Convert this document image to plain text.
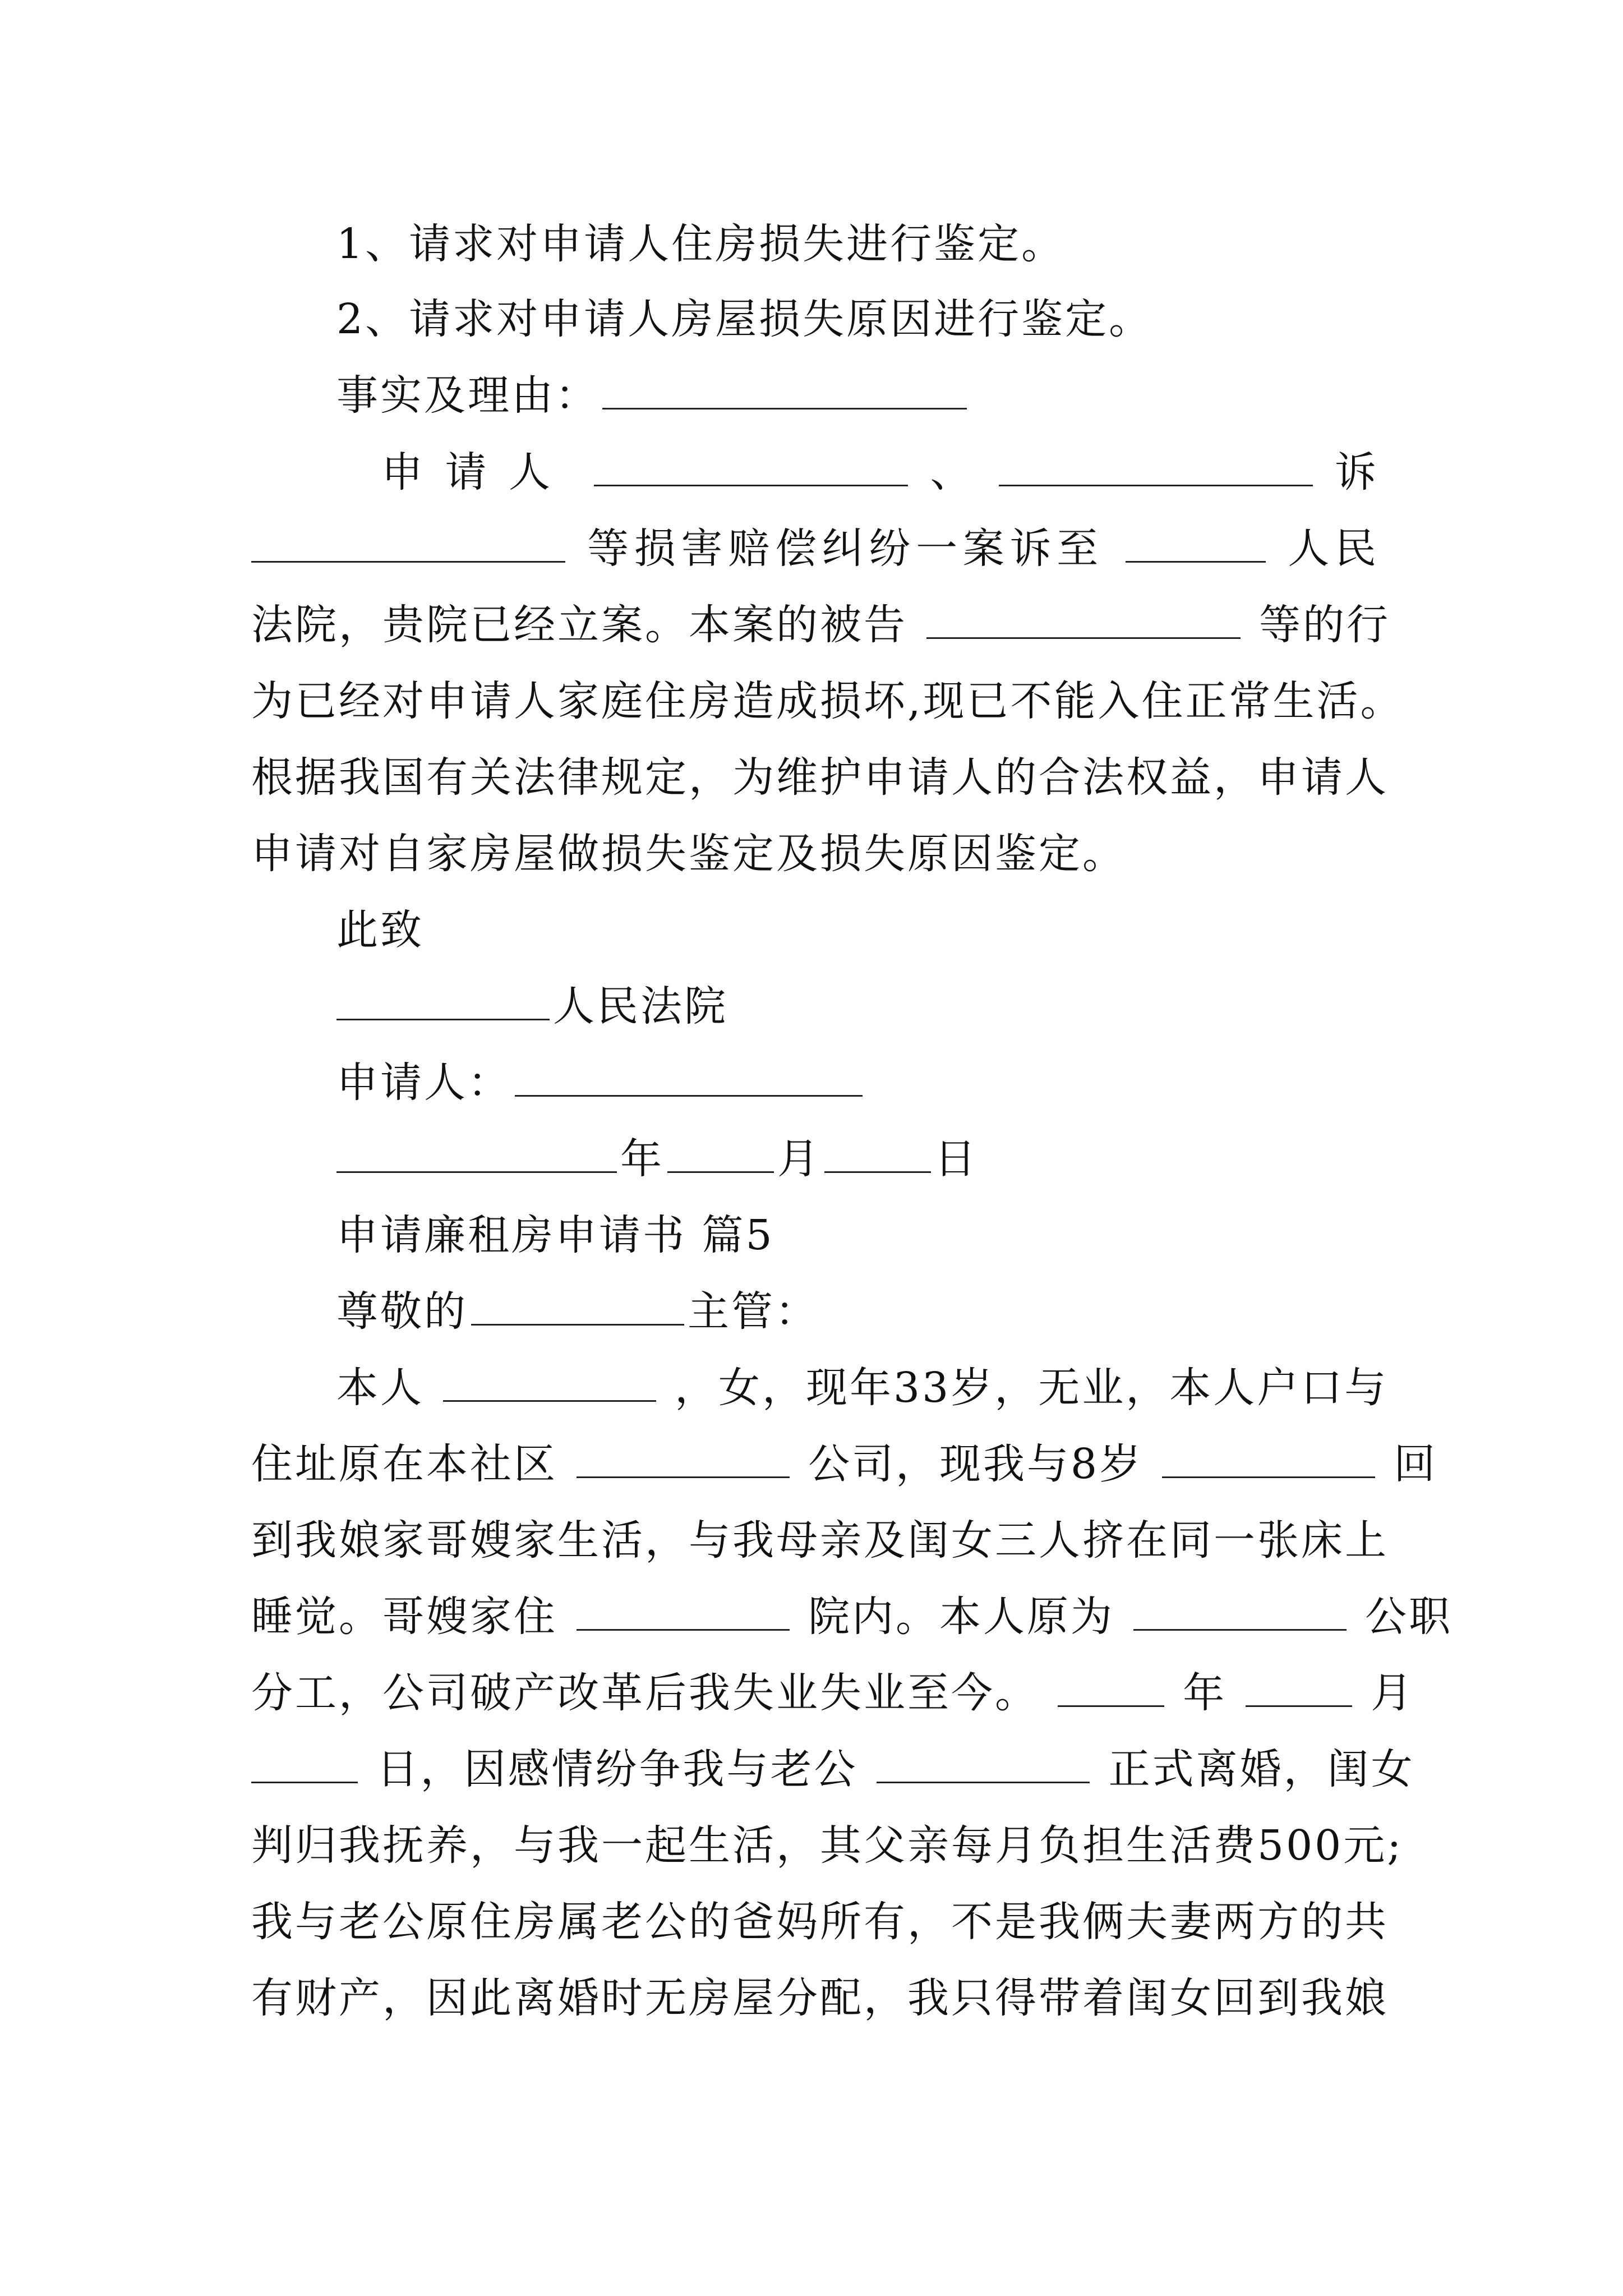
1、请求对申请人住房损失进行鉴定。
2、请求对申请人房屋损失原因进行鉴定。
事实及理由：
申请人	、	诉
等损害赔偿纠纷一案诉至	人民
法院，贵院已经立案。本案的被告	等的行
为已经对申请人家庭住房造成损坏,现已不能入住正常生活。
根据我国有关法律规定，为维护申请人的合法权益，申请人
申请对自家房屋做损失鉴定及损失原因鉴定。
此致
人民法院
申请人：
年	月	日
申请廉租房申请书 篇5
尊敬的	主管：
本人	，女，现年33岁，无业，本人户口与
住址原在本社区	公司，现我与8岁	回
到我娘家哥嫂家生活，与我母亲及闺女三人挤在同一张床上
睡觉。哥嫂家住	院内。本人原为	公职
分工，公司破产改革后我失业失业至今。	年	月
日，因感情纷争我与老公	正式离婚，闺女
判归我抚养，与我一起生活，其父亲每月负担生活费500元;
我与老公原住房属老公的爸妈所有，不是我俩夫妻两方的共
有财产，因此离婚时无房屋分配，我只得带着闺女回到我娘
